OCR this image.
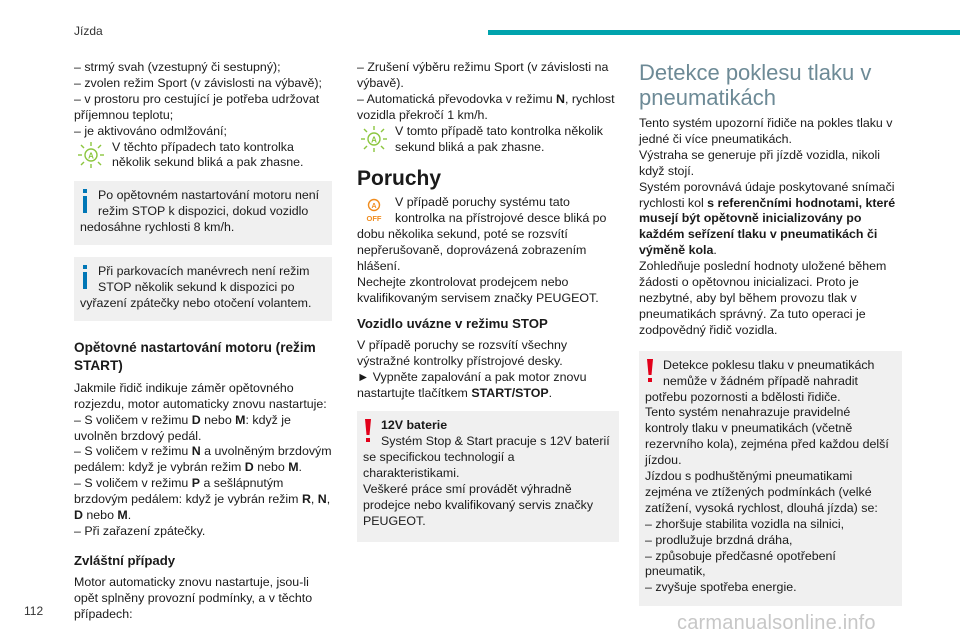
Jízda

– strmý svah (vzestupný či sestupný);

– zvolen režim Sport (v závislosti na výbavě);

– v prostoru pro cestující je potřeba udržovat příjemnou teplotu;

– je aktivováno odmlžování;

A
V těchto případech tato kontrolka několik sekund bliká a pak zhasne.

Po opětovném nastartování motoru není režim STOP k dispozici, dokud vozidlo nedosáhne rychlosti 8 km/h.

Při parkovacích manévrech není režim STOP několik sekund k dispozici po vyřazení zpátečky nebo otočení volantem.

Opětovné nastartování motoru (režim START)

Jakmile řidič indikuje záměr opětovného rozjezdu, motor automaticky znovu nastartuje:

– S voličem v režimu D nebo M: když je uvolněn brzdový pedál.

– S voličem v režimu N a uvolněným brzdovým pedálem: když je vybrán režim D nebo M.

– S voličem v režimu P a sešlápnutým brzdovým pedálem: když je vybrán režim R, N, D nebo M.

– Při zařazení zpátečky.

Zvláštní případy

Motor automaticky znovu nastartuje, jsou-li opět splněny provozní podmínky, a v těchto případech:

– Zrušení výběru režimu Sport (v závislosti na výbavě).

– Automatická převodovka v režimu N, rychlost vozidla překročí 1 km/h.

A
V tomto případě tato kontrolka několik sekund bliká a pak zhasne.
Poruchy
A
OFF

V případě poruchy systému tato kontrolka na přístrojové desce bliká po dobu několika sekund, poté se rozsvítí nepřerušovaně, doprovázená zobrazením hlášení.

Nechejte zkontrolovat prodejcem nebo kvalifikovaným servisem značky PEUGEOT.

Vozidlo uvázne v režimu STOP

V případě poruchy se rozsvítí všechny výstražné kontrolky přístrojové desky.

► Vypněte zapalování a pak motor znovu nastartujte tlačítkem START/STOP.

12V baterie

Systém Stop & Start pracuje s 12V baterií se specifickou technologií a charakteristikami.

Veškeré práce smí provádět výhradně prodejce nebo kvalifikovaný servis značky PEUGEOT.

Detekce poklesu tlaku v pneumatikách

Tento systém upozorní řidiče na pokles tlaku v jedné či více pneumatikách.

Výstraha se generuje při jízdě vozidla, nikoli když stojí.

Systém porovnává údaje poskytované snímači rychlosti kol s referenčními hodnotami, které musejí být opětovně inicializovány po každém seřízení tlaku v pneumatikách či výměně kola.

Zohledňuje poslední hodnoty uložené během žádosti o opětovnou inicializaci. Proto je nezbytné, aby byl během provozu tlak v pneumatikách správný. Za tuto operaci je zodpovědný řidič vozidla.

Detekce poklesu tlaku v pneumatikách nemůže v žádném případě nahradit potřebu pozornosti a bdělosti řidiče.

Tento systém nenahrazuje pravidelné kontroly tlaku v pneumatikách (včetně rezervního kola), zejména před každou delší jízdou.

Jízdou s podhuštěnými pneumatikami zejména ve ztížených podmínkách (velké zatížení, vysoká rychlost, dlouhá jízda) se:

– zhoršuje stabilita vozidla na silnici,

– prodlužuje brzdná dráha,

– způsobuje předčasné opotřebení pneumatik,

– zvyšuje spotřeba energie.

112
carmanualsonline.info
